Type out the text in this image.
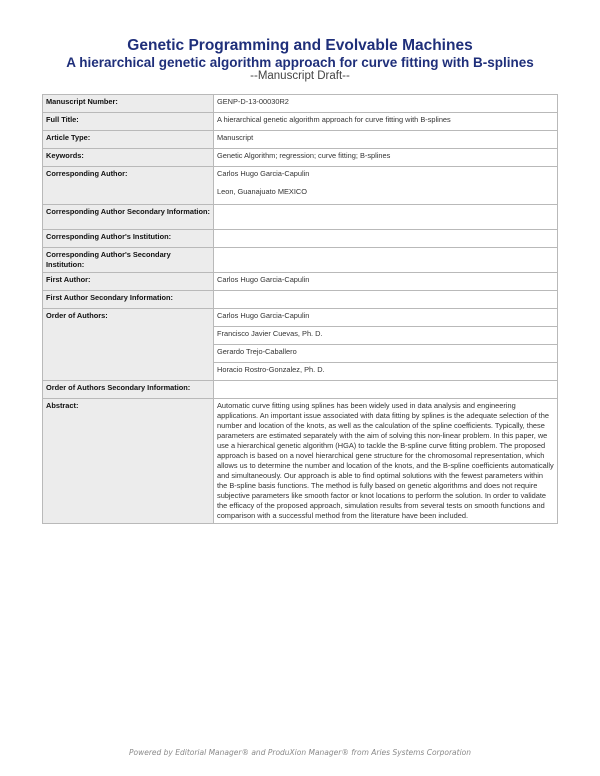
Genetic Programming and Evolvable Machines
A hierarchical genetic algorithm approach for curve fitting with B-splines
--Manuscript Draft--
Manuscript Number:	GENP-D-13-00030R2
Full Title:	A hierarchical genetic algorithm approach for curve fitting with B-splines
Article Type:	Manuscript
Keywords:	Genetic Algorithm; regression; curve fitting; B-splines
Corresponding Author:	Carlos Hugo Garcia-Capulin
Leon, Guanajuato MEXICO

Corresponding Author Secondary Information:	
Corresponding Author's Institution:	
Corresponding Author's Secondary Institution:	
First Author:	Carlos Hugo Garcia-Capulin
First Author Secondary Information:	
Order of Authors:	Carlos Hugo Garcia-Capulin
	Francisco Javier Cuevas, Ph. D.
	Gerardo Trejo-Caballero
	Horacio Rostro-Gonzalez, Ph. D.
Order of Authors Secondary Information:	
Abstract:	Automatic curve fitting using splines has been widely used in data analysis and engineering applications. An important issue associated with data fitting by splines is the adequate selection of the number and location of the knots, as well as the calculation of the spline coefficients. Typically, these parameters are estimated separately with the aim of solving this non-linear problem. In this paper, we use a hierarchical genetic algorithm (HGA) to tackle the B-spline curve fitting problem. The proposed approach is based on a novel hierarchical gene structure for the chromosomal representation, which allows us to determine the number and location of the knots, and the B-spline coefficients automatically and simultaneously. Our approach is able to find optimal solutions with the fewest parameters within the B-spline basis functions. The method is fully based on genetic algorithms and does not require subjective parameters like smooth factor or knot locations to perform the solution. In order to validate the efficacy of the proposed approach, simulation results from several tests on smooth functions and comparison with a successful method from the literature have been included.
Powered by Editorial Manager® and ProduXion Manager® from Aries Systems Corporation
